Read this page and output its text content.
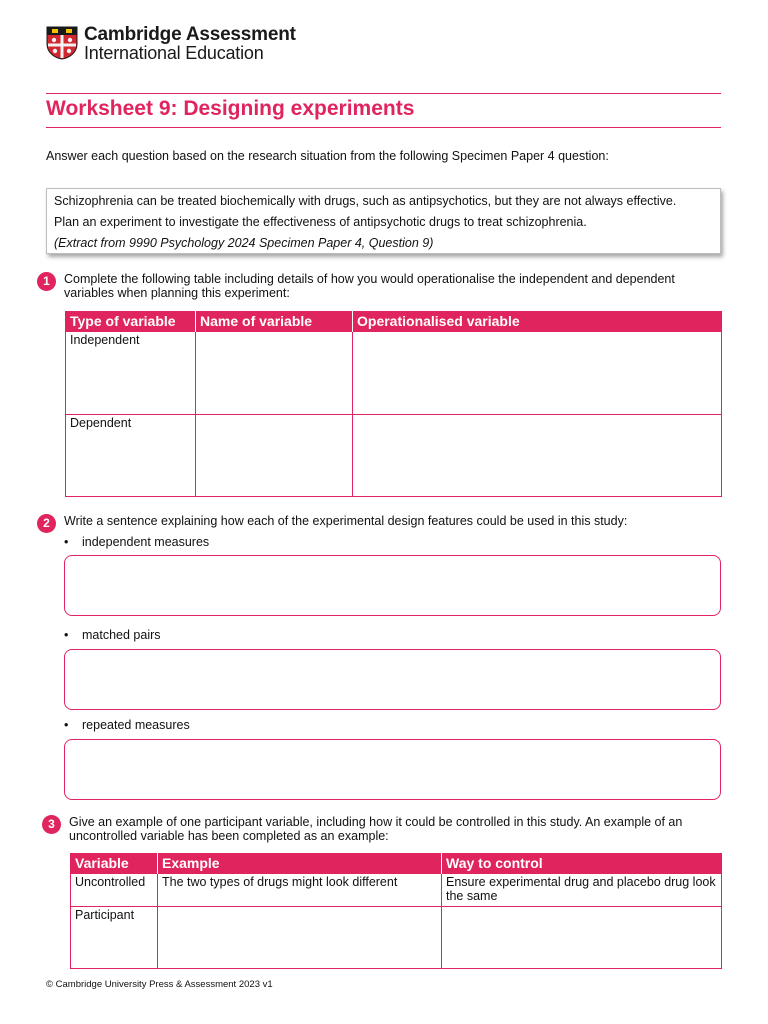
Cambridge Assessment
International Education
Worksheet 9: Designing experiments
Answer each question based on the research situation from the following Specimen Paper 4 question:
Schizophrenia can be treated biochemically with drugs, such as antipsychotics, but they are not always effective.
Plan an experiment to investigate the effectiveness of antipsychotic drugs to treat schizophrenia.
(Extract from 9990 Psychology 2024 Specimen Paper 4, Question 9)
1	Complete the following table including details of how you would operationalise the independent and dependent variables when planning this experiment:
Type of variable	Name of variable	Operationalised variable
Independent		
Dependent		
2	Write a sentence explaining how each of the experimental design features could be used in this study:
• independent measures
• matched pairs
• repeated measures
3	Give an example of one participant variable, including how it could be controlled in this study. An example of an uncontrolled variable has been completed as an example:
Variable	Example	Way to control
Uncontrolled	The two types of drugs might look different	Ensure experimental drug and placebo drug look the same
Participant		
© Cambridge University Press & Assessment 2023 v1
